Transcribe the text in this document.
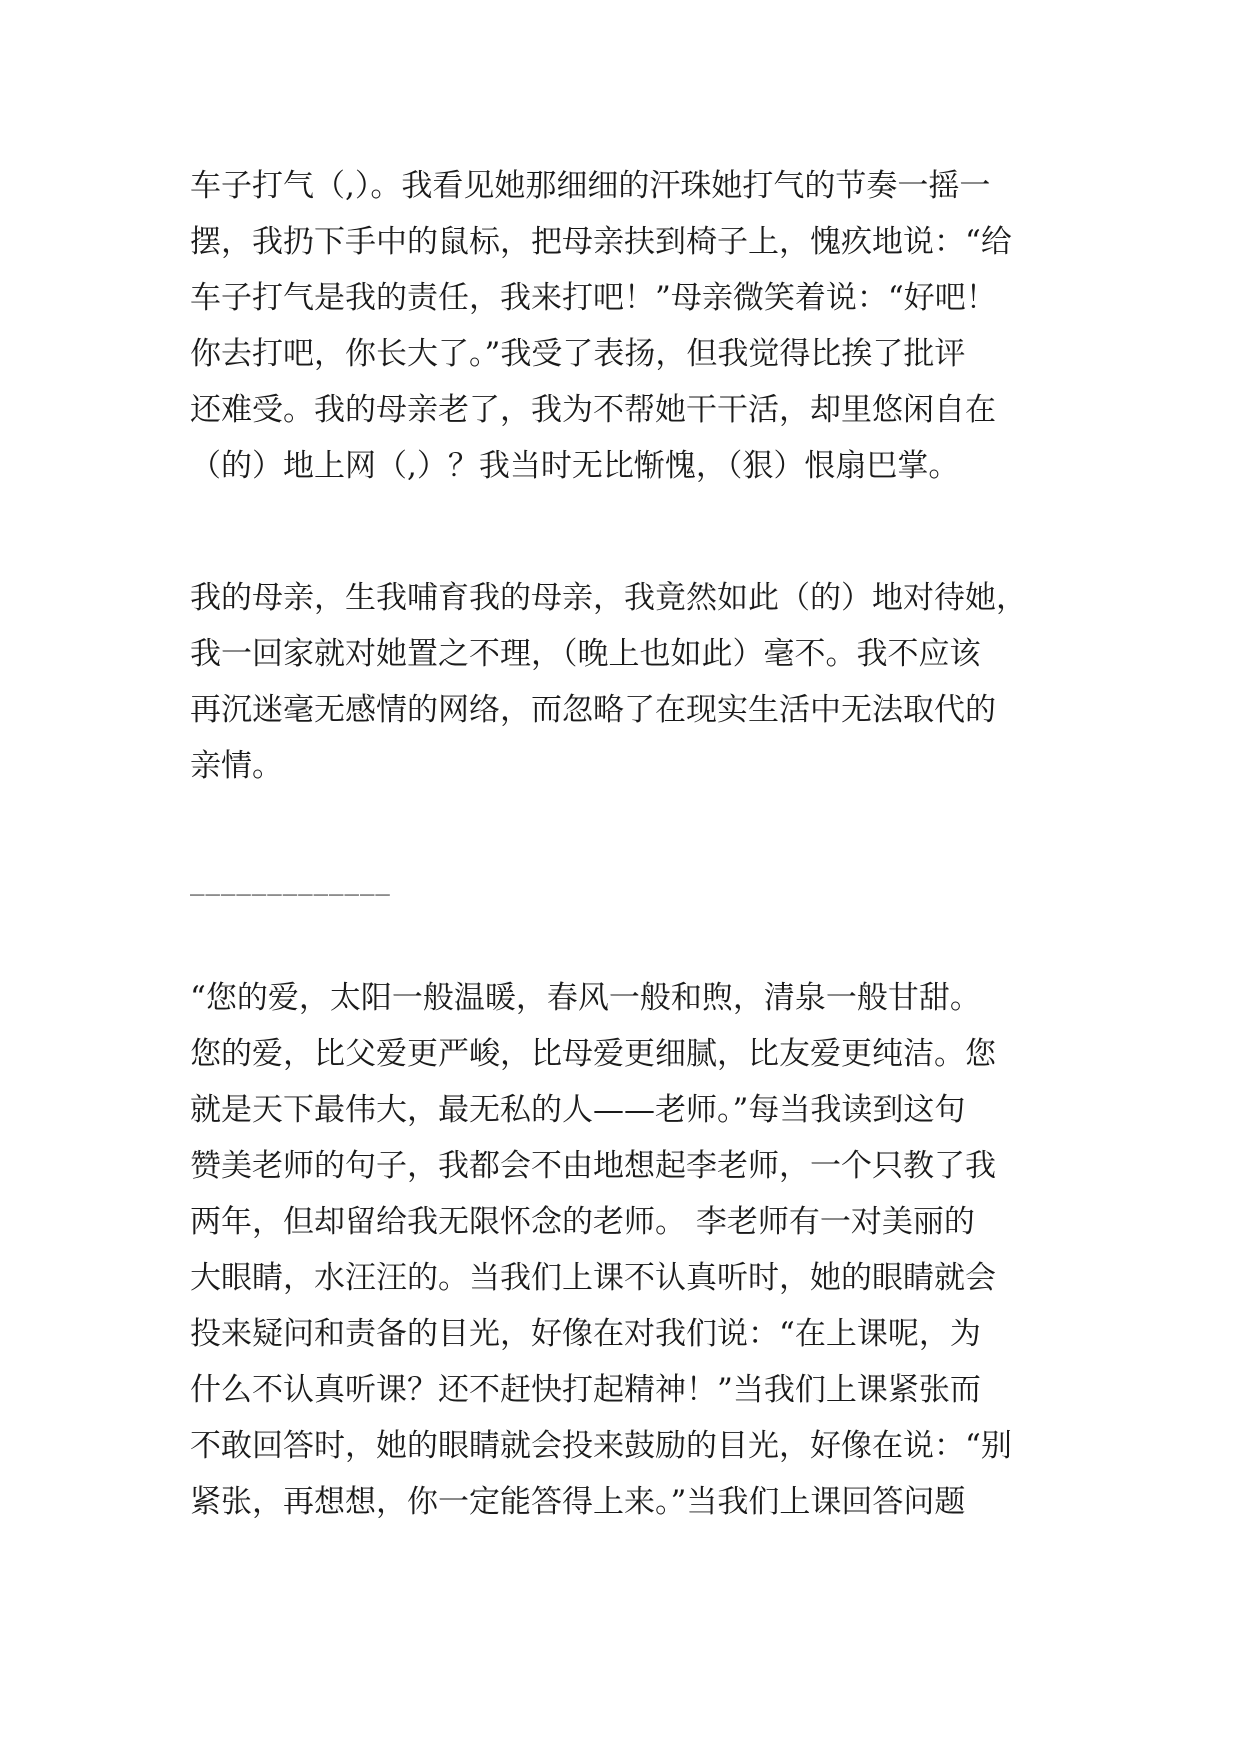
车子打气（,）。我看见她那细细的汗珠她打气的节奏一摇一
摆，我扔下手中的鼠标，把母亲扶到椅子上，愧疚地说：“给
车子打气是我的责任，我来打吧！”母亲微笑着说：“好吧！
你去打吧，你长大了。”我受了表扬，但我觉得比挨了批评
还难受。我的母亲老了，我为不帮她干干活，却里悠闲自在
（的）地上网（,）？我当时无比惭愧，（狠）恨扇巴掌。

我的母亲，生我哺育我的母亲，我竟然如此（的）地对待她，
我一回家就对她置之不理，（晚上也如此）毫不。我不应该
再沉迷毫无感情的网络，而忽略了在现实生活中无法取代的
亲情。

_____________

“您的爱，太阳一般温暖，春风一般和煦，清泉一般甘甜。
您的爱，比父爱更严峻，比母爱更细腻，比友爱更纯洁。您
就是天下最伟大，最无私的人——老师。”每当我读到这句
赞美老师的句子，我都会不由地想起李老师，一个只教了我
两年，但却留给我无限怀念的老师。 李老师有一对美丽的
大眼睛，水汪汪的。当我们上课不认真听时，她的眼睛就会
投来疑问和责备的目光，好像在对我们说：“在上课呢，为
什么不认真听课？还不赶快打起精神！”当我们上课紧张而
不敢回答时，她的眼睛就会投来鼓励的目光，好像在说：“别
紧张，再想想，你一定能答得上来。”当我们上课回答问题
